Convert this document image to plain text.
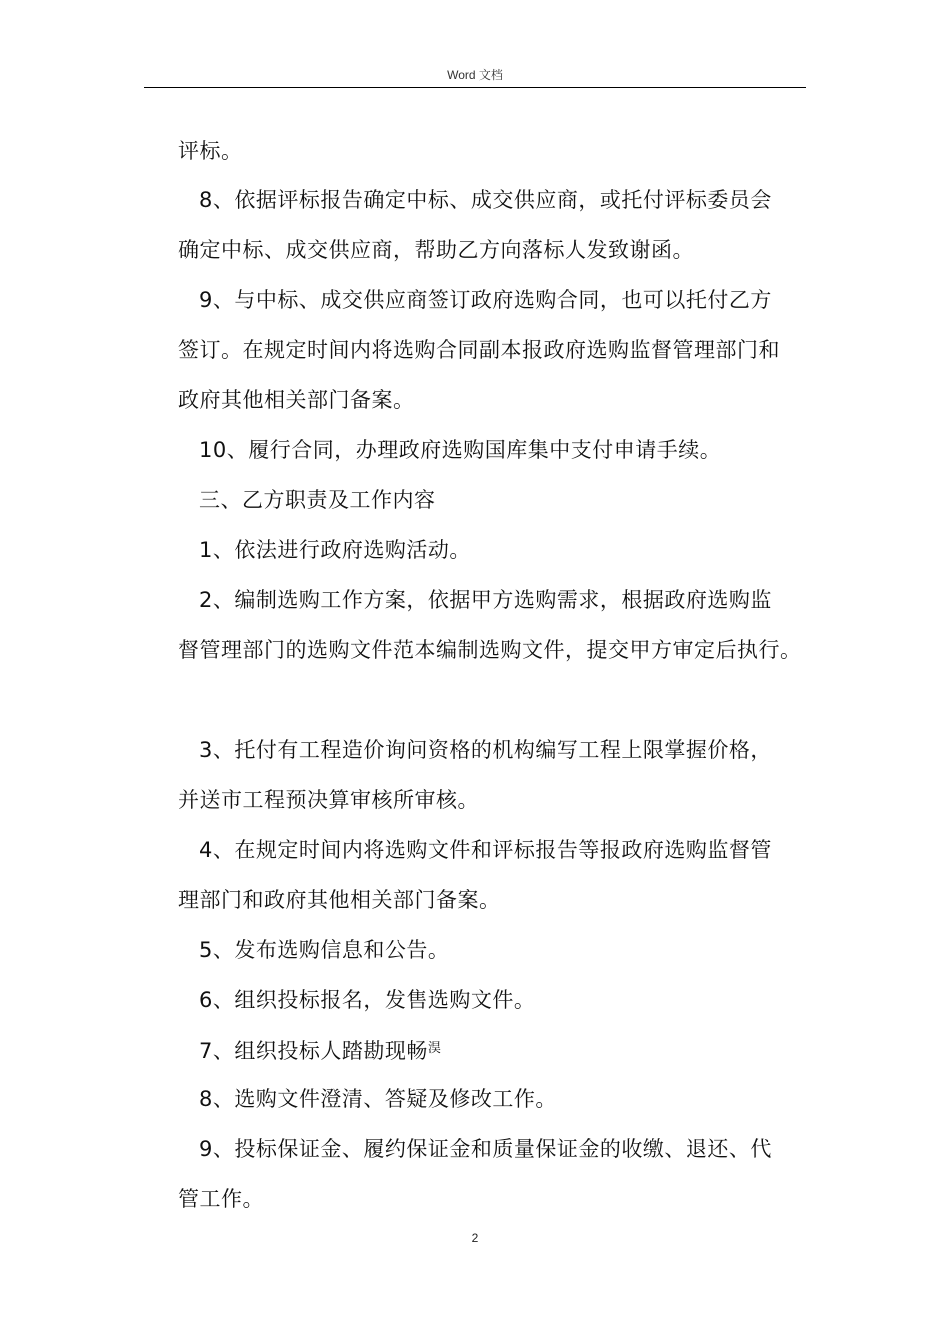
Word 文档
评标。
8、依据评标报告确定中标、成交供应商，或托付评标委员会
确定中标、成交供应商，帮助乙方向落标人发致谢函。
9、与中标、成交供应商签订政府选购合同，也可以托付乙方
签订。在规定时间内将选购合同副本报政府选购监督管理部门和
政府其他相关部门备案。
10、履行合同，办理政府选购国库集中支付申请手续。
三、乙方职责及工作内容
1、依法进行政府选购活动。
2、编制选购工作方案，依据甲方选购需求，根据政府选购监
督管理部门的选购文件范本编制选购文件，提交甲方审定后执行。
3、托付有工程造价询问资格的机构编写工程上限掌握价格，
并送市工程预决算审核所审核。
4、在规定时间内将选购文件和评标报告等报政府选购监督管
理部门和政府其他相关部门备案。
5、发布选购信息和公告。
6、组织投标报名，发售选购文件。
7、组织投标人踏勘现畅$^淏$
8、选购文件澄清、答疑及修改工作。
9、投标保证金、履约保证金和质量保证金的收缴、退还、代
管工作。
2
